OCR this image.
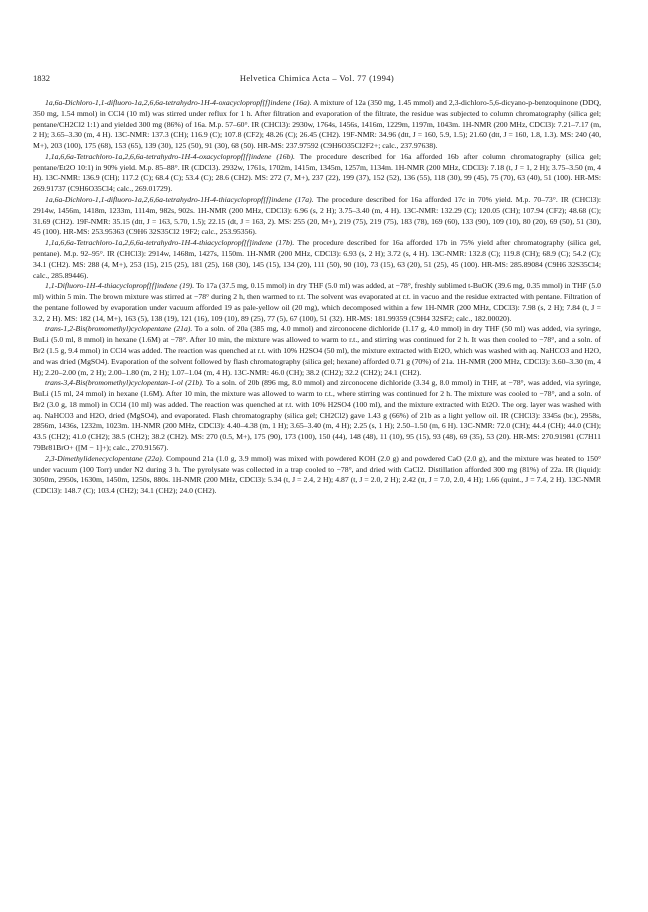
1832	Helvetica Chimica Acta – Vol. 77 (1994)

1a,6a-Dichloro-1,1-difluoro-1a,2,6,6a-tetrahydro-1H-4-oxacyclopropf[f]indene (16a). A mixture of 12a (350 mg, 1.45 mmol) and 2,3-dichloro-5,6-dicyano-p-benzoquinone (DDQ, 350 mg, 1.54 mmol) in CCl4 (10 ml) was stirred under reflux for 1 h. After filtration and evaporation of the filtrate, the residue was subjected to column chromatography (silica gel; pentane/CH2Cl2 1:1) and yielded 300 mg (86%) of 16a. M.p. 57–60°. IR (CHCl3): 2930w, 1764s, 1456s, 1416m, 1229m, 1197m, 1043m. 1H-NMR (200 MHz, CDCl3): 7.21–7.17 (m, 2 H); 3.65–3.30 (m, 4 H). 13C-NMR: 137.3 (CH); 116.9 (C); 107.8 (CF2); 48.26 (C); 26.45 (CH2). 19F-NMR: 34.96 (dtt, J = 160, 5.9, 1.5); 21.60 (dtt, J = 160, 1.8, 1.3). MS: 240 (40, M+), 203 (100), 175 (68), 153 (65), 139 (30), 125 (50), 91 (30), 68 (50). HR-MS: 237.97592 (C9H6O35Cl2F2+; calc., 237.97638).

1,1a,6,6a-Tetrachloro-1a,2,6,6a-tetrahydro-1H-4-oxacyclopropf[f]indene (16b). The procedure described for 16a afforded 16b after column chromatography (silica gel; pentane/Et2O 10:1) in 90% yield. M.p. 85–88°. IR (CDCl3). 2932w, 1761s, 1702m, 1415m, 1345m, 1257m, 1134m. 1H-NMR (200 MHz, CDCl3): 7.18 (t, J = 1, 2 H); 3.75–3.50 (m, 4 H). 13C-NMR: 136.9 (CH); 117.2 (C); 68.4 (C); 53.4 (C); 28.6 (CH2). MS: 272 (7, M+), 237 (22), 199 (37), 152 (52), 136 (55), 118 (30), 99 (45), 75 (70), 63 (40), 51 (100). HR-MS: 269.91737 (C9H6O35Cl4; calc., 269.01729).

1a,6a-Dichloro-1,1-difluoro-1a,2,6,6a-tetrahydro-1H-4-thiacyclopropf[f]indene (17a). The procedure described for 16a afforded 17c in 70% yield. M.p. 70–73°. IR (CHCl3): 2914w, 1456m, 1418m, 1233m, 1114m, 982s, 902s. 1H-NMR (200 MHz, CDCl3): 6.96 (s, 2 H); 3.75–3.40 (m, 4 H). 13C-NMR: 132.29 (C); 120.05 (CH); 107.94 (CF2); 48.68 (C); 31.69 (CH2). 19F-NMR: 35.15 (dtt, J = 163, 5.70, 1.5); 22.15 (dt, J = 163, 2). MS: 255 (20, M+), 219 (75), 219 (75), 183 (78), 169 (60), 133 (90), 109 (10), 80 (20), 69 (50), 51 (30), 45 (100). HR-MS: 253.95363 (C9H6 32S35Cl2 19F2; calc., 253.95356).

1,1a,6,6a-Tetrachloro-1a,2,6,6a-tetrahydro-1H-4-thiacyclopropf[f]indene (17b). The procedure described for 16a afforded 17b in 75% yield after chromatography (silica gel, pentane). M.p. 92–95°. IR (CHCl3): 2914w, 1468m, 1427s, 1150m. 1H-NMR (200 MHz, CDCl3): 6.93 (s, 2 H); 3.72 (s, 4 H). 13C-NMR: 132.8 (C); 119.8 (CH); 68.9 (C); 54.2 (C); 34.1 (CH2). MS: 288 (4, M+), 253 (15), 215 (25), 181 (25), 168 (30), 145 (15), 134 (20), 111 (50), 90 (10), 73 (15), 63 (20), 51 (25), 45 (100). HR-MS: 285.89084 (C9H6 32S35Cl4; calc., 285.89446).

1,1-Difluoro-1H-4-thiacyclopropf[f]indene (19). To 17a (37.5 mg, 0.15 mmol) in dry THF (5.0 ml) was added, at −78°, freshly sublimed t-BuOK (39.6 mg, 0.35 mmol) in THF (5.0 ml) within 5 min. The brown mixture was stirred at −78° during 2 h, then warmed to r.t. The solvent was evaporated at r.t. in vacuo and the residue extracted with pentane. Filtration of the pentane followed by evaporation under vacuum afforded 19 as pale-yellow oil (20 mg), which decomposed within a few 1H-NMR (200 MHz, CDCl3): 7.98 (s, 2 H); 7.84 (t, J = 3.2, 2 H). MS: 182 (14, M+), 163 (5), 138 (19), 121 (16), 109 (10), 89 (25), 77 (5), 67 (100), 51 (32). HR-MS: 181.99359 (C9H4 32SF2; calc., 182.00020).

trans-1,2-Bis(bromomethyl)cyclopentane (21a). To a soln. of 20a (385 mg, 4.0 mmol) and zirconocene dichloride (1.17 g, 4.0 mmol) in dry THF (50 ml) was added, via syringe, BuLi (5.0 ml, 8 mmol) in hexane (1.6M) at −78°. After 10 min, the mixture was allowed to warm to r.t., and stirring was continued for 2 h. It was then cooled to −78°, and a soln. of Br2 (1.5 g, 9.4 mmol) in CCl4 was added. The reaction was quenched at r.t. with 10% H2SO4 (50 ml), the mixture extracted with Et2O, which was washed with aq. NaHCO3 and H2O, and was dried (MgSO4). Evaporation of the solvent followed by flash chromatography (silica gel; hexane) afforded 0.71 g (70%) of 21a. 1H-NMR (200 MHz, CDCl3): 3.60–3.30 (m, 4 H); 2.20–2.00 (m, 2 H); 2.00–1.80 (m, 2 H); 1.07–1.04 (m, 4 H). 13C-NMR: 46.0 (CH); 38.2 (CH2); 32.2 (CH2); 24.1 (CH2).

trans-3,4-Bis(bromomethyl)cyclopentan-1-ol (21b). To a soln. of 20b (896 mg, 8.0 mmol) and zirconocene dichloride (3.34 g, 8.0 mmol) in THF, at −78°, was added, via syringe, BuLi (15 ml, 24 mmol) in hexane (1.6M). After 10 min, the mixture was allowed to warm to r.t., where stirring was continued for 2 h. The mixture was cooled to −78°, and a soln. of Br2 (3.0 g, 18 mmol) in CCl4 (10 ml) was added. The reaction was quenched at r.t. with 10% H2SO4 (100 ml), and the mixture extracted with Et2O. The org. layer was washed with aq. NaHCO3 and H2O, dried (MgSO4), and evaporated. Flash chromatography (silica gel; CH2Cl2) gave 1.43 g (66%) of 21b as a light yellow oil. IR (CHCl3): 3345s (br.), 2958s, 2856m, 1436s, 1232m, 1023m. 1H-NMR (200 MHz, CDCl3): 4.40–4.38 (m, 1 H); 3.65–3.40 (m, 4 H); 2.25 (s, 1 H); 2.50–1.50 (m, 6 H). 13C-NMR: 72.0 (CH); 44.4 (CH); 44.0 (CH); 43.5 (CH2); 41.0 (CH2); 38.5 (CH2); 38.2 (CH2). MS: 270 (0.5, M+), 175 (90), 173 (100), 150 (44), 148 (48), 11 (10), 95 (15), 93 (48), 69 (35), 53 (20). HR-MS: 270.91981 (C7H11 79Br81BrO+ ([M − 1]+); calc., 270.91567).

2,3-Dimethylidenecyclopentane (22a). Compound 21a (1.0 g, 3.9 mmol) was mixed with powdered KOH (2.0 g) and powdered CaO (2.0 g), and the mixture was heated to 150° under vacuum (100 Torr) under N2 during 3 h. The pyrolysate was collected in a trap cooled to −78°, and dried with CaCl2. Distillation afforded 300 mg (81%) of 22a. IR (liquid): 3050m, 2950s, 1630m, 1450m, 1250s, 880s. 1H-NMR (200 MHz, CDCl3): 5.34 (t, J = 2.4, 2 H); 4.87 (t, J = 2.0, 2 H); 2.42 (tt, J = 7.0, 2.0, 4 H); 1.66 (quint., J = 7.4, 2 H). 13C-NMR (CDCl3): 148.7 (C); 103.4 (CH2); 34.1 (CH2); 24.0 (CH2).
